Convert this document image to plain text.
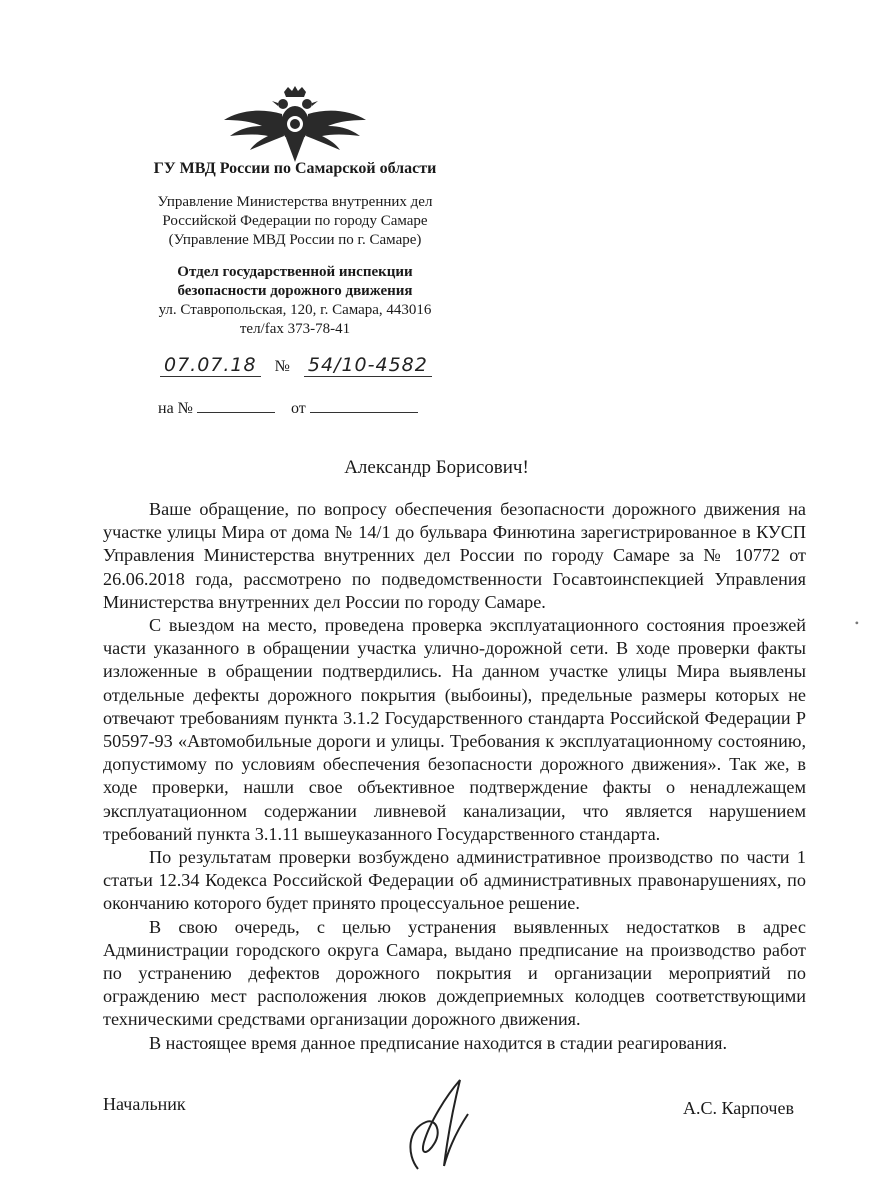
ГУ МВД России по Самарской области
Управление Министерства внутренних дел
Российской Федерации по городу Самаре
(Управление МВД России по г. Самаре)
Отдел государственной инспекции
безопасности дорожного движения
ул. Ставропольская, 120, г. Самара, 443016
тел/fax 373-78-41
07.07.18 № 54/10-4582
на №	от
Александр Борисович!

Ваше обращение, по вопросу обеспечения безопасности дорожного движения на участке улицы Мира от дома № 14/1 до бульвара Финютина зарегистрированное в КУСП Управления Министерства внутренних дел России по городу Самаре за № 10772 от 26.06.2018 года, рассмотрено по подведомственности Госавтоинспекцией Управления Министерства внутренних дел России по городу Самаре.

С выездом на место, проведена проверка эксплуатационного состояния проезжей части указанного в обращении участка улично-дорожной сети. В ходе проверки факты изложенные в обращении подтвердились. На данном участке улицы Мира выявлены отдельные дефекты дорожного покрытия (выбоины), предельные размеры которых не отвечают требованиям пункта 3.1.2 Государственного стандарта Российской Федерации Р 50597-93 «Автомобильные дороги и улицы. Требования к эксплуатационному состоянию, допустимому по условиям обеспечения безопасности дорожного движения». Так же, в ходе проверки, нашли свое объективное подтверждение факты о ненадлежащем эксплуатационном содержании ливневой канализации, что является нарушением требований пункта 3.1.11 вышеуказанного Государственного стандарта.

По результатам проверки возбуждено административное производство по части 1 статьи 12.34 Кодекса Российской Федерации об административных правонарушениях, по окончанию которого будет принято процессуальное решение.

В свою очередь, с целью устранения выявленных недостатков в адрес Администрации городского округа Самара, выдано предписание на производство работ по устранению дефектов дорожного покрытия и организации мероприятий по ограждению мест расположения люков дождеприемных колодцев соответствующими техническими средствами организации дорожного движения.

В настоящее время данное предписание находится в стадии реагирования.

Начальник	А.С. Карпочев
•
